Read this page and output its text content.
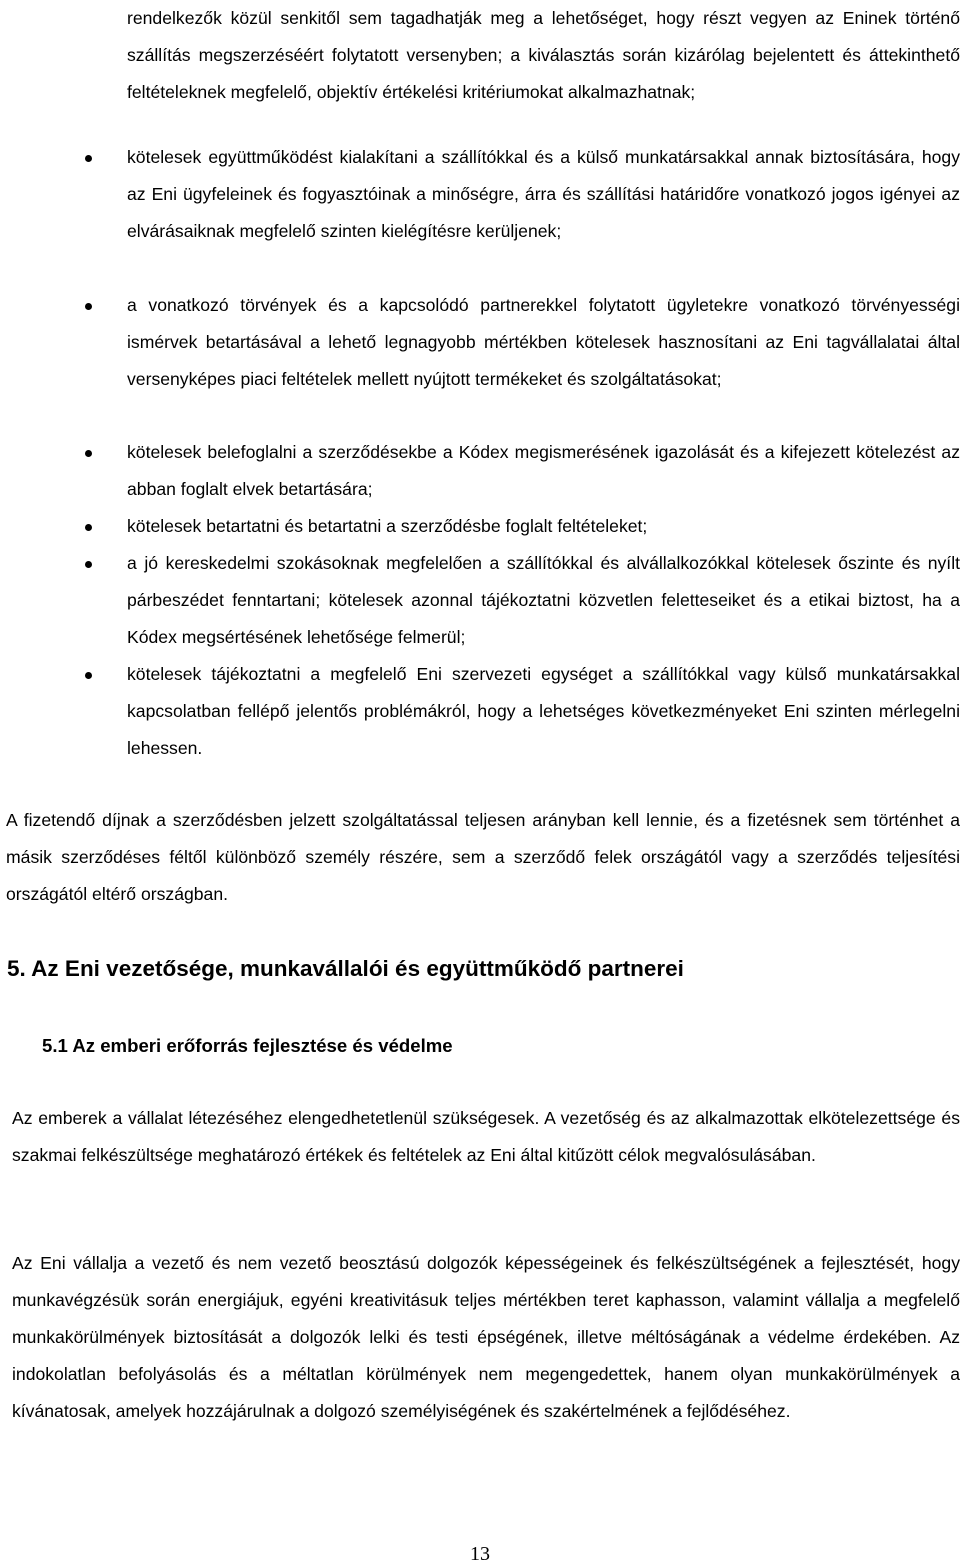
rendelkezők közül senkitől sem tagadhatják meg a lehetőséget, hogy részt vegyen az Eninek történő szállítás megszerzéséért folytatott versenyben; a kiválasztás során kizárólag bejelentett és áttekinthető feltételeknek megfelelő, objektív értékelési kritériumokat alkalmazhatnak;

kötelesek együttműködést kialakítani a szállítókkal és a külső munkatársakkal annak biztosítására, hogy az Eni ügyfeleinek és fogyasztóinak a minőségre, árra és szállítási határidőre vonatkozó jogos igényei az elvárásaiknak megfelelő szinten kielégítésre kerüljenek;

a vonatkozó törvények és a kapcsolódó partnerekkel folytatott ügyletekre vonatkozó törvényességi ismérvek betartásával a lehető legnagyobb mértékben kötelesek hasznosítani az Eni tagvállalatai által versenyképes piaci feltételek mellett nyújtott termékeket és szolgáltatásokat;

kötelesek belefoglalni a szerződésekbe a Kódex megismerésének igazolását és a kifejezett kötelezést az abban foglalt elvek betartására;

kötelesek betartatni és betartatni a szerződésbe foglalt feltételeket;

a jó kereskedelmi szokásoknak megfelelően a szállítókkal és alvállalkozókkal kötelesek őszinte és nyílt párbeszédet fenntartani; kötelesek azonnal tájékoztatni közvetlen feletteseiket és a etikai biztost, ha a Kódex megsértésének lehetősége felmerül;

kötelesek tájékoztatni a megfelelő Eni szervezeti egységet a szállítókkal vagy külső munkatársakkal kapcsolatban fellépő jelentős problémákról, hogy a lehetséges következményeket Eni szinten mérlegelni lehessen.

A fizetendő díjnak a szerződésben jelzett szolgáltatással teljesen arányban kell lennie, és a fizetésnek sem történhet a másik szerződéses féltől különböző személy részére, sem a szerződő felek országától vagy a szerződés teljesítési országától eltérő országban.

5. Az Eni vezetősége, munkavállalói és együttműködő partnerei
5.1 Az emberi erőforrás fejlesztése és védelme

Az emberek a vállalat létezéséhez elengedhetetlenül szükségesek. A vezetőség és az alkalmazottak elkötelezettsége és szakmai felkészültsége meghatározó értékek és feltételek az Eni által kitűzött célok megvalósulásában.

Az Eni vállalja a vezető és nem vezető beosztású dolgozók képességeinek és felkészültségének a fejlesztését, hogy munkavégzésük során energiájuk, egyéni kreativitásuk teljes mértékben teret kaphasson, valamint vállalja a megfelelő munkakörülmények biztosítását a dolgozók lelki és testi épségének, illetve méltóságának a védelme érdekében. Az indokolatlan befolyásolás és a méltatlan körülmények nem megengedettek, hanem olyan munkakörülmények a kívánatosak, amelyek hozzájárulnak a dolgozó személyiségének és szakértelmének a fejlődéséhez.

13
